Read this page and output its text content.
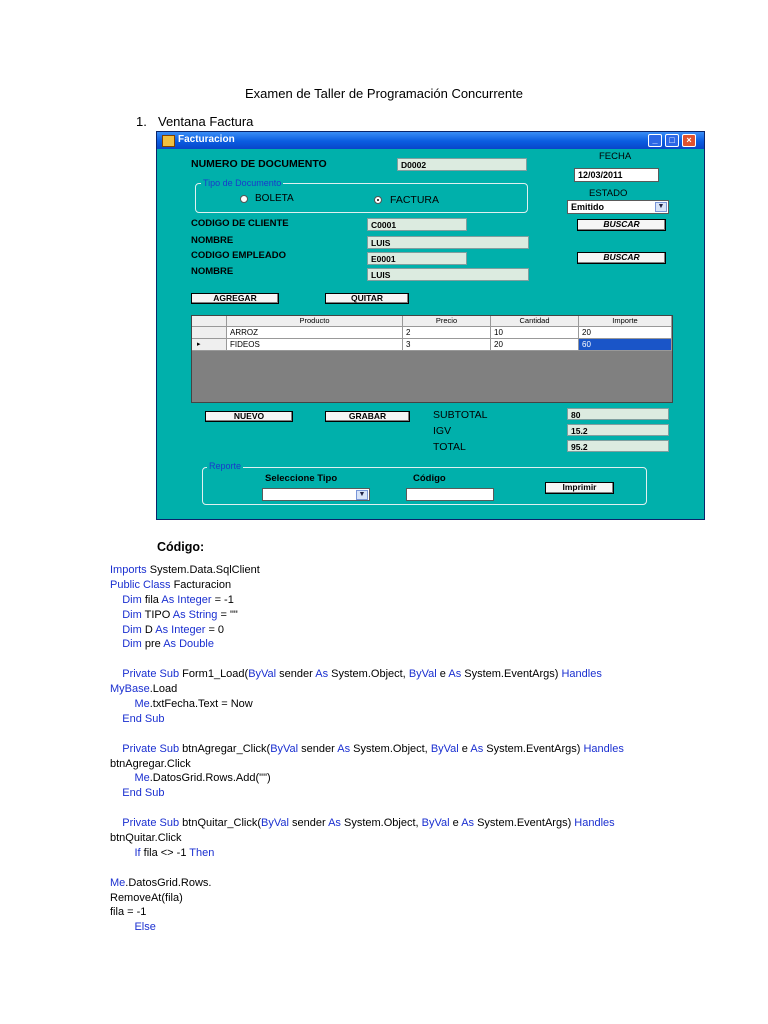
Examen de Taller de Programación Concurrente
1. Ventana Factura
Facturacion	_	□	×
NUMERO DE DOCUMENTO	D0002
FECHA
12/03/2011
ESTADO
Emitido	▼
Tipo de Documento
BOLETA	FACTURA
CODIGO DE CLIENTE	C0001	BUSCAR
NOMBRE	LUIS
CODIGO EMPLEADO	E0001	BUSCAR
NOMBRE	LUIS
AGREGAR	QUITAR
Producto	Precio	Cantidad	Importe
ARROZ	2	10	20
▸	FIDEOS	3	20	60
NUEVO	GRABAR	SUBTOTAL	80
IGV	15.2
TOTAL	95.2
Reporte
Seleccione Tipo
▼
Código
Imprimir
Código:
Imports System.Data.SqlClient
Public Class Facturacion
Dim fila As Integer = -1
Dim TIPO As String = ""
Dim D As Integer = 0
Dim pre As Double
Private Sub Form1_Load(ByVal sender As System.Object, ByVal e As System.EventArgs) Handles
MyBase.Load
Me.txtFecha.Text = Now
End Sub
Private Sub btnAgregar_Click(ByVal sender As System.Object, ByVal e As System.EventArgs) Handles
btnAgregar.Click
Me.DatosGrid.Rows.Add("")
End Sub
Private Sub btnQuitar_Click(ByVal sender As System.Object, ByVal e As System.EventArgs) Handles
btnQuitar.Click
If fila <> -1 Then
Me.DatosGrid.Rows.
RemoveAt(fila)
fila = -1
Else
